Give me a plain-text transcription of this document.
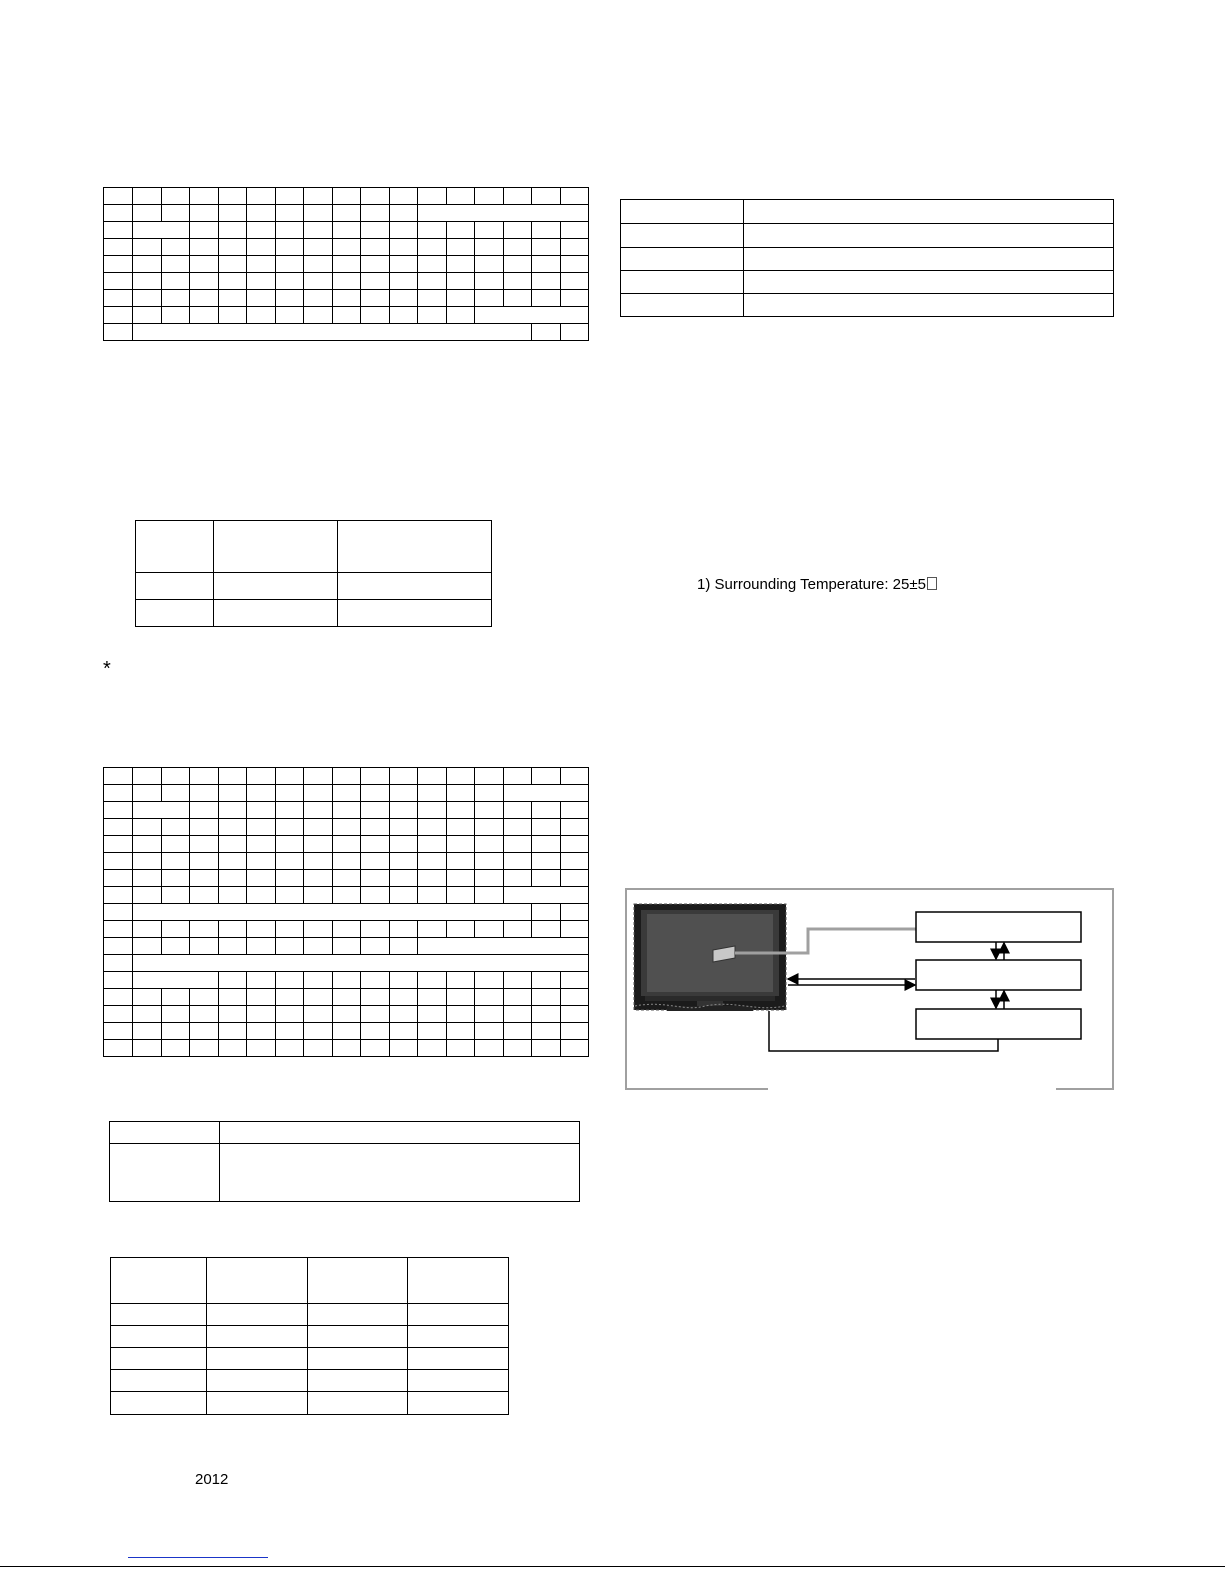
1) Surrounding Temperature: 25±5
*
2012
